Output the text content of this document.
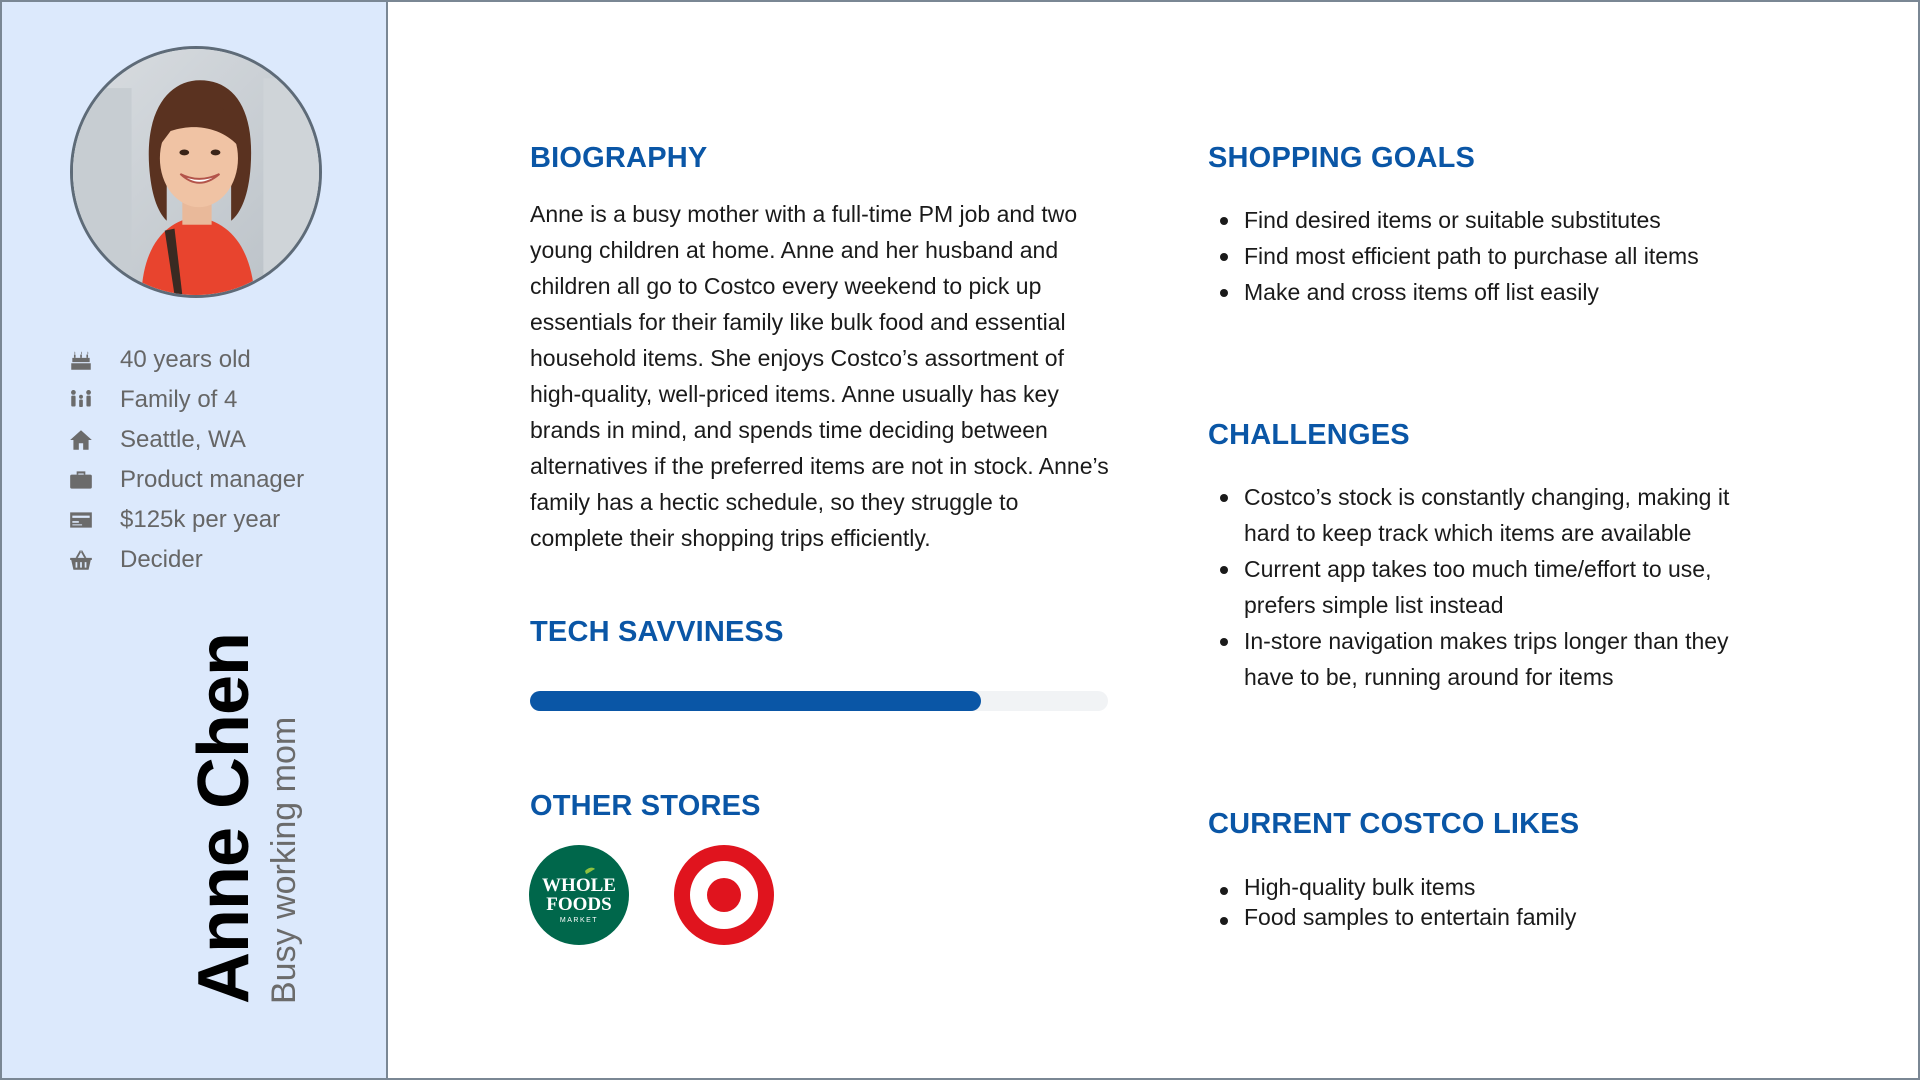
40 years old
Family of 4
Seattle, WA
Product manager
$125k per year
Decider
Anne Chen Busy working mom
BIOGRAPHY

Anne is a busy mother with a full-time PM job and two young children at home. Anne and her husband and children all go to Costco every weekend to pick up essentials for their family like bulk food and essential household items. She enjoys Costco’s assortment of high-quality, well-priced items. Anne usually has key brands in mind, and spends time deciding between alternatives if the preferred items are not in stock. Anne’s family has a hectic schedule, so they struggle to complete their shopping trips efficiently.

TECH SAVVINESS
OTHER STORES
WHOLE
FOODS
MARKET
SHOPPING GOALS
Find desired items or suitable substitutes
Find most efficient path to purchase all items
Make and cross items off list easily
CHALLENGES
Costco’s stock is constantly changing, making it hard to keep track which items are available
Current app takes too much time/effort to use, prefers simple list instead
In-store navigation makes trips longer than they have to be, running around for items
CURRENT COSTCO LIKES
High-quality bulk items
Food samples to entertain family
